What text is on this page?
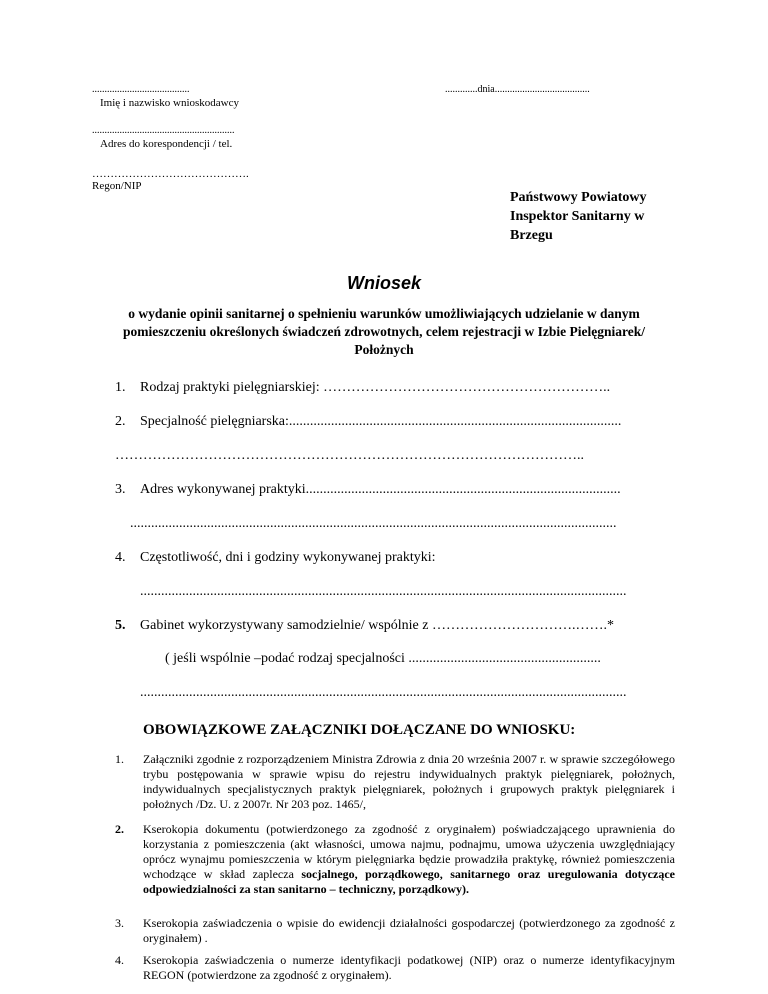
.......................................
Imię i nazwisko wnioskodawcy
.............dnia......................................
.........................................................
Adres do korespondencji / tel.
…………………………………….
Regon/NIP
Państwowy Powiatowy
Inspektor Sanitarny w
Brzegu
Wniosek
o wydanie opinii sanitarnej o spełnieniu warunków umożliwiających udzielanie w danym pomieszczeniu określonych świadczeń zdrowotnych, celem rejestracji w Izbie Pielęgniarek/ Położnych
1. Rodzaj praktyki pielęgniarskiej: ……………………………………………………..
2. Specjalność pielęgniarska:...............................................................................................
………………………………………………………………………………………..
3. Adres wykonywanej praktyki..........................................................................................
...........................................................................................................................................
4. Częstotliwość, dni i godziny wykonywanej praktyki:
...........................................................................................................................................
5. Gabinet wykorzystywany samodzielnie/ wspólnie z ………………………….…….*
( jeśli wspólnie –podać rodzaj specjalności .......................................................
...........................................................................................................................................
OBOWIĄZKOWE ZAŁĄCZNIKI DOŁĄCZANE DO WNIOSKU:
1. Załączniki zgodnie z rozporządzeniem Ministra Zdrowia z dnia 20 września 2007 r. w sprawie szczegółowego trybu postępowania w sprawie wpisu do rejestru indywidualnych praktyk pielęgniarek, położnych, indywidualnych specjalistycznych praktyk pielęgniarek, położnych i grupowych praktyk pielęgniarek i położnych /Dz. U. z 2007r. Nr 203 poz. 1465/,
2. Kserokopia dokumentu (potwierdzonego za zgodność z oryginałem) poświadczającego uprawnienia do korzystania z pomieszczenia (akt własności, umowa najmu, podnajmu, umowa użyczenia uwzględniający oprócz wynajmu pomieszczenia w którym pielęgniarka będzie prowadziła praktykę, również pomieszczenia wchodzące w skład zaplecza socjalnego, porządkowego, sanitarnego oraz uregulowania dotyczące odpowiedzialności za stan sanitarno – techniczny, porządkowy).
3. Kserokopia zaświadczenia o wpisie do ewidencji działalności gospodarczej (potwierdzonego za zgodność z oryginałem) .
4. Kserokopia zaświadczenia o numerze identyfikacji podatkowej (NIP) oraz o numerze identyfikacyjnym REGON (potwierdzone za zgodność z oryginałem).
